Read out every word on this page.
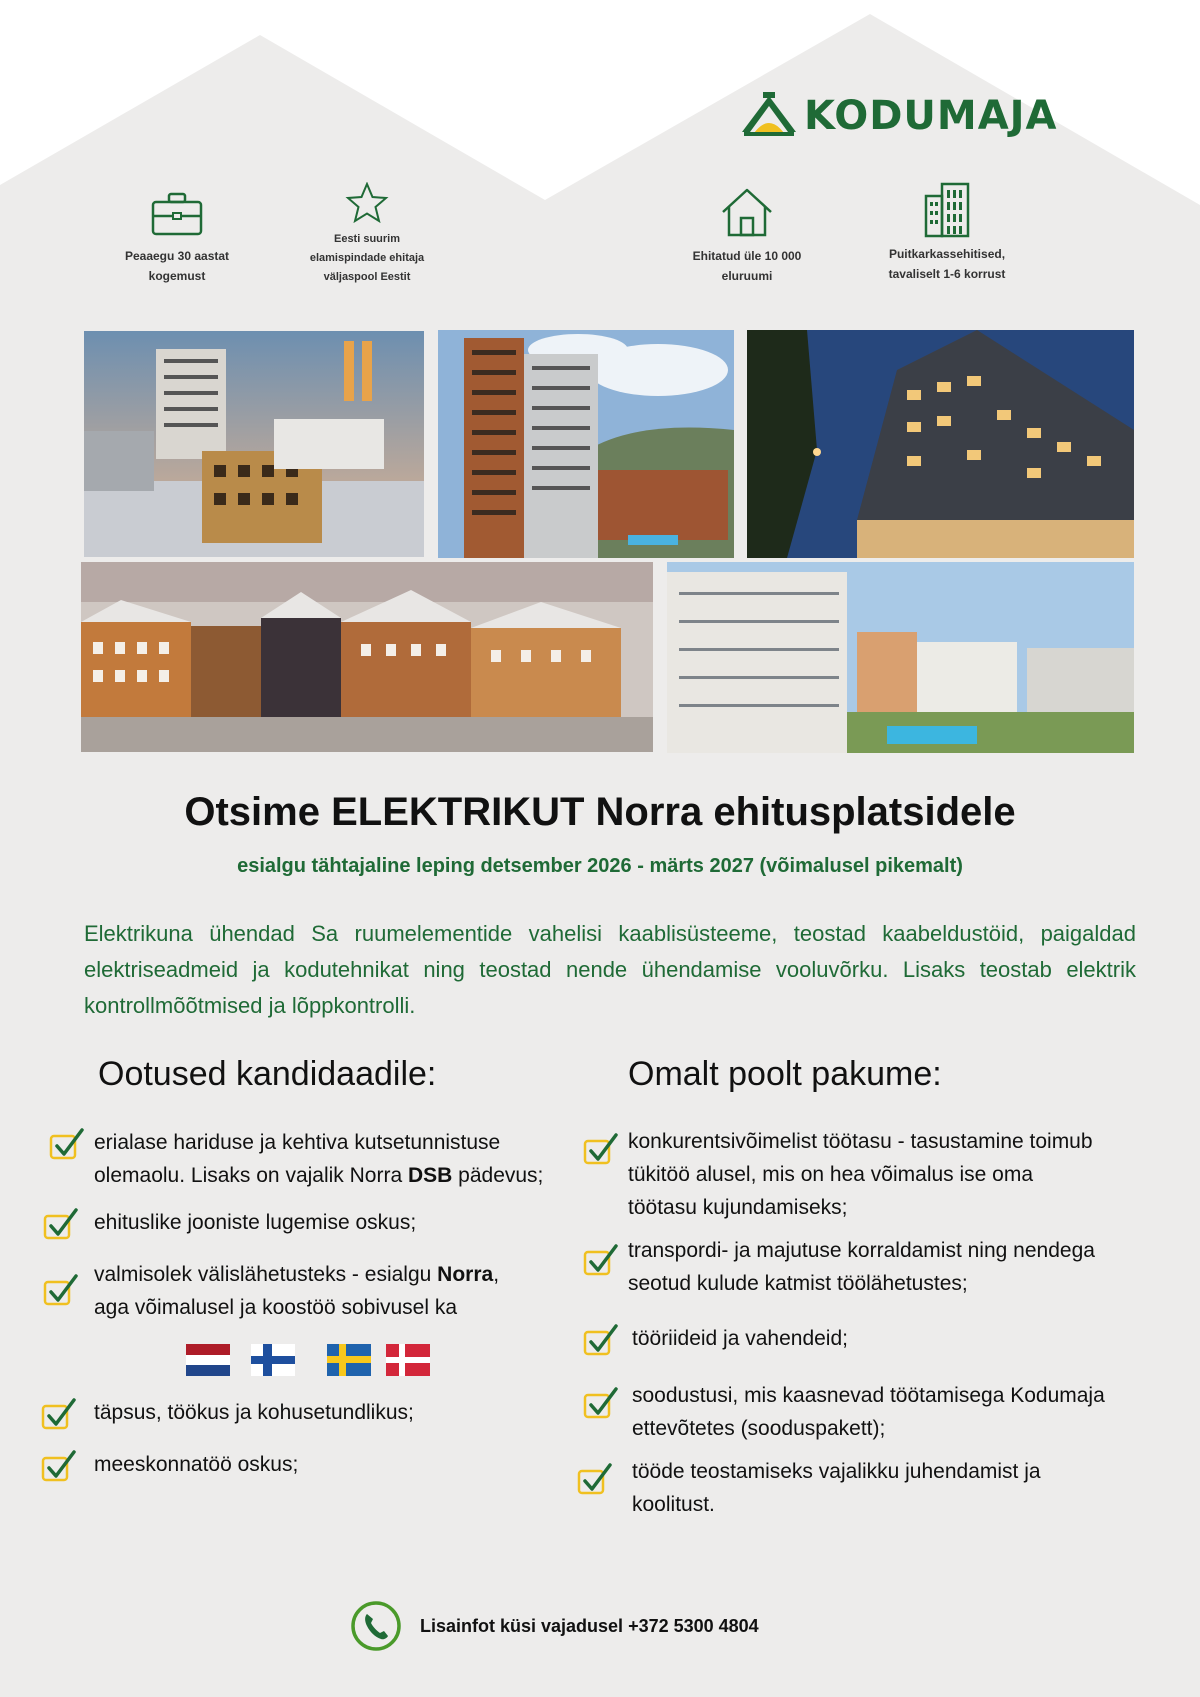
KODUMAJA
Peaaegu 30 aastat kogemust
Eesti suurim elamispindade ehitaja väljaspool Eestit
Ehitatud üle 10 000 eluruumi
Puitkarkassehitised, tavaliselt 1-6 korrust
Otsime ELEKTRIKUT Norra ehitusplatsidele
esialgu tähtajaline leping detsember 2026 - märts 2027 (võimalusel pikemalt)
Elektrikuna ühendad Sa ruumelementide vahelisi kaablisüsteeme, teostad kaabeldustöid, paigaldad elektriseadmeid ja kodutehnikat ning teostad nende ühendamise vooluvõrku. Lisaks teostab elektrik kontrollmõõtmised ja lõppkontrolli.
Ootused kandidaadile:	Omalt poolt pakume:
erialase hariduse ja kehtiva kutsetunnistuse olemaolu. Lisaks on vajalik Norra DSB pädevus;
ehituslike jooniste lugemise oskus;
valmisolek välislähetusteks - esialgu Norra, aga võimalusel ja koostöö sobivusel ka
täpsus, töökus ja kohusetundlikus;
meeskonnatöö oskus;
konkurentsivõimelist töötasu - tasustamine toimub tükitöö alusel, mis on hea võimalus ise oma töötasu kujundamiseks;
transpordi- ja majutuse korraldamist ning nendega seotud kulude katmist töölähetustes;
tööriideid ja vahendeid;
soodustusi, mis kaasnevad töötamisega Kodumaja ettevõtetes (sooduspakett);
tööde teostamiseks vajalikku juhendamist ja koolitust.
Lisainfot küsi vajadusel +372 5300 4804
